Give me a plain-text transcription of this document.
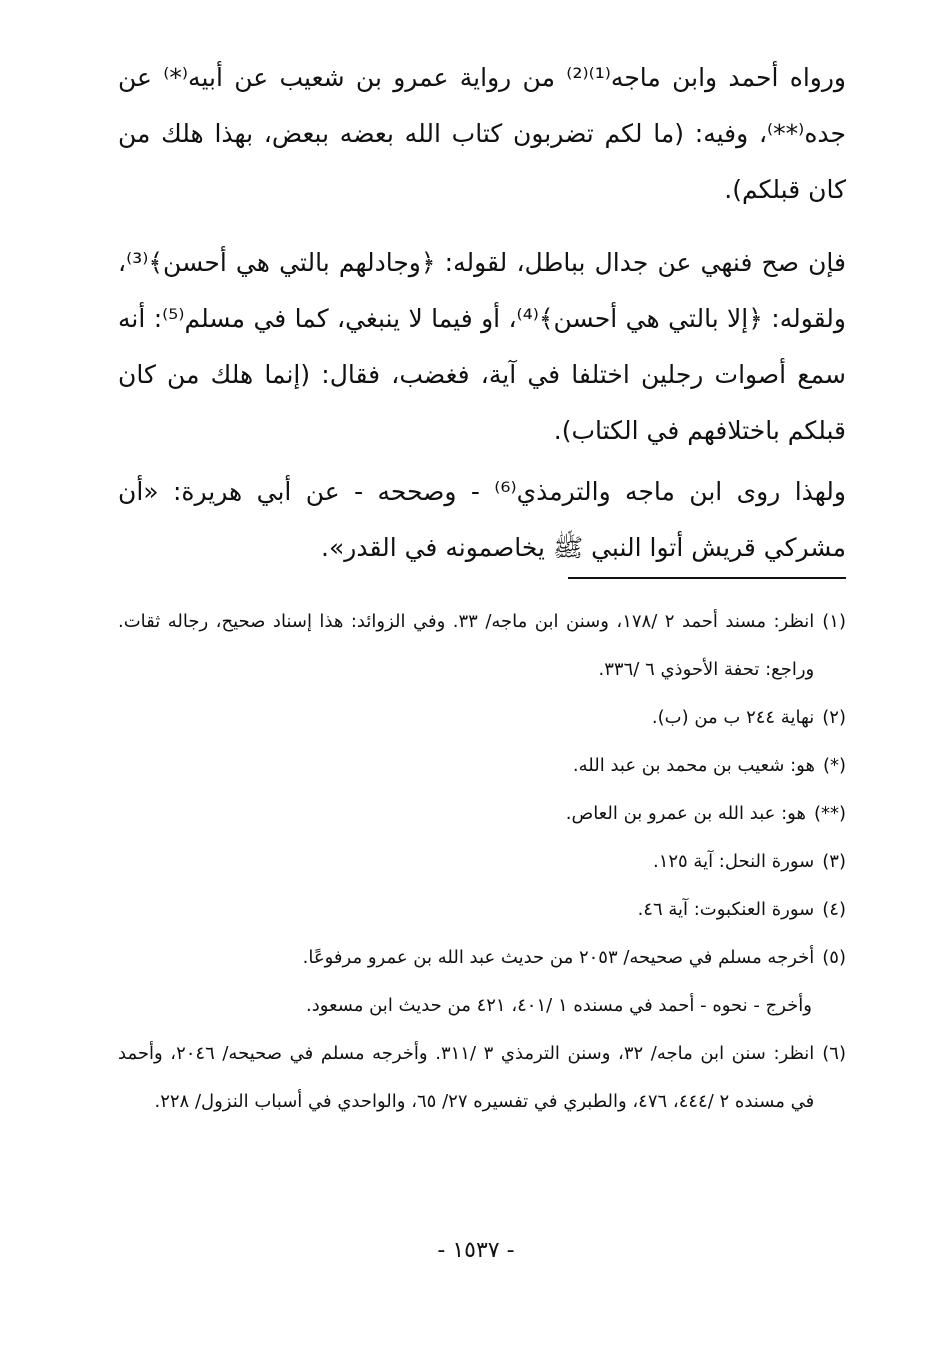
ورواه أحمد وابن ماجه⁽¹⁾⁽²⁾ من رواية عمرو بن شعيب عن أبيه⁽*⁾ عن جده⁽**⁾، وفيه: (ما لكم تضربون كتاب الله بعضه ببعض، بهذا هلك من كان قبلكم).

فإن صح فنهي عن جدال بباطل، لقوله: ﴿وجادلهم بالتي هي أحسن﴾⁽³⁾، ولقوله: ﴿إلا بالتي هي أحسن﴾⁽⁴⁾، أو فيما لا ينبغي، كما في مسلم⁽⁵⁾: أنه سمع أصوات رجلين اختلفا في آية، فغضب، فقال: (إنما هلك من كان قبلكم باختلافهم في الكتاب).

ولهذا روى ابن ماجه والترمذي⁽⁶⁾ - وصححه - عن أبي هريرة: «أن مشركي قريش أتوا النبي ﷺ يخاصمونه في القدر».

(١)
انظر: مسند أحمد ٢ /١٧٨، وسنن ابن ماجه/ ٣٣. وفي الزوائد: هذا إسناد صحيح، رجاله ثقات. وراجع: تحفة الأحوذي ٦ /٣٣٦.
(٢)
نهاية ٢٤٤ ب من (ب).
(*)
هو: شعيب بن محمد بن عبد الله.
(**)
هو: عبد الله بن عمرو بن العاص.
(٣)
سورة النحل: آية ١٢٥.
(٤)
سورة العنكبوت: آية ٤٦.
(٥)
أخرجه مسلم في صحيحه/ ٢٠٥٣ من حديث عبد الله بن عمرو مرفوعًا.
وأخرج - نحوه - أحمد في مسنده ١ /٤٠١، ٤٢١ من حديث ابن مسعود.
(٦)
انظر: سنن ابن ماجه/ ٣٢، وسنن الترمذي ٣ /٣١١. وأخرجه مسلم في صحيحه/ ٢٠٤٦، وأحمد في مسنده ٢ /٤٤٤، ٤٧٦، والطبري في تفسيره ٢٧/ ٦٥، والواحدي في أسباب النزول/ ٢٢٨.
- ١٥٣٧ -
